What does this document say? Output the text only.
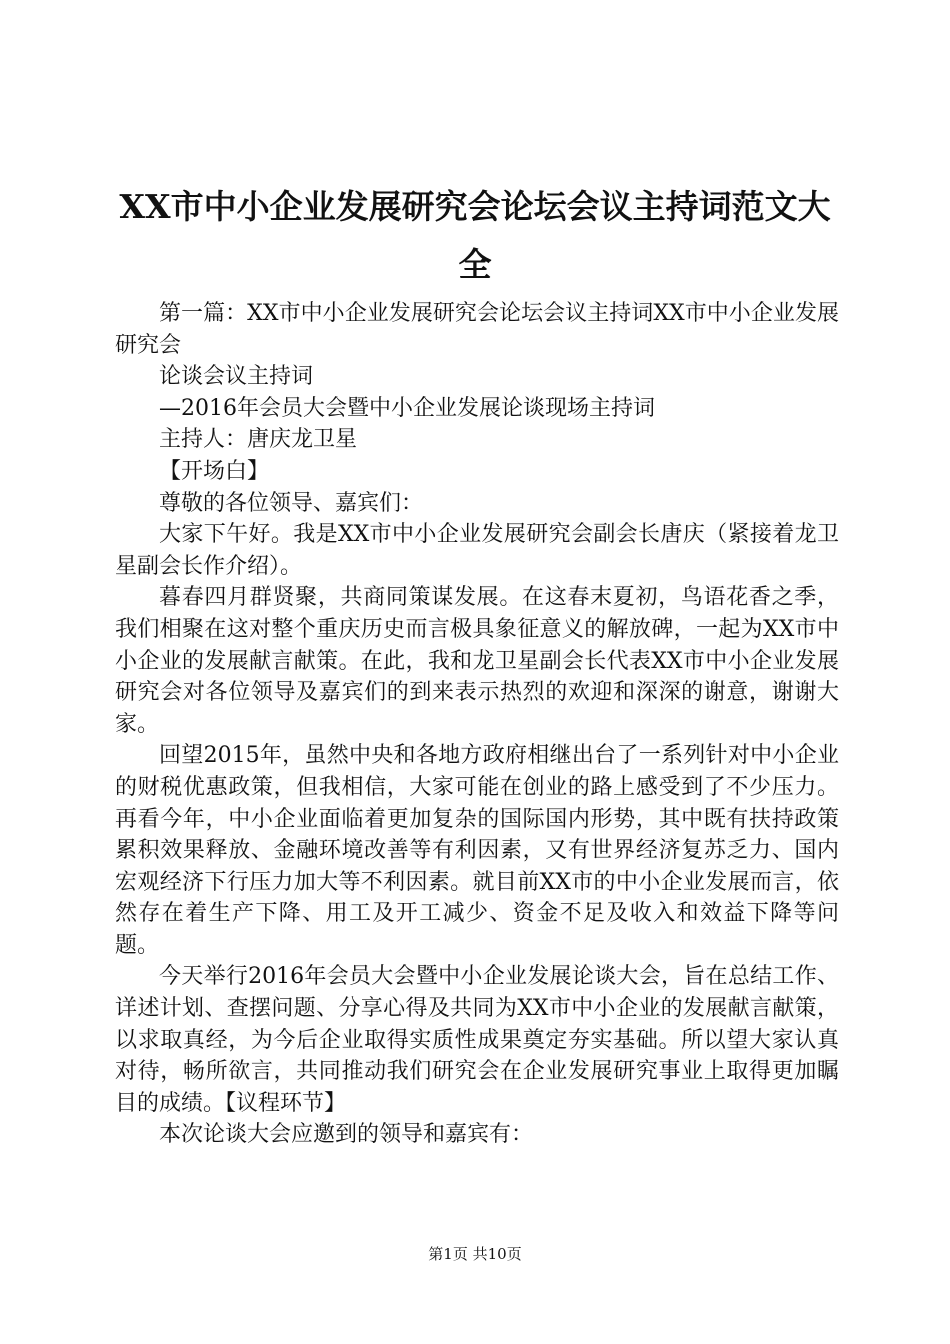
XX市中小企业发展研究会论坛会议主持词范文大全

第一篇：XX市中小企业发展研究会论坛会议主持词XX市中小企业发展研究会

论谈会议主持词

—2016年会员大会暨中小企业发展论谈现场主持词

主持人：唐庆龙卫星

【开场白】

尊敬的各位领导、嘉宾们：

大家下午好。我是XX市中小企业发展研究会副会长唐庆（紧接着龙卫星副会长作介绍）。

暮春四月群贤聚，共商同策谋发展。在这春末夏初，鸟语花香之季，我们相聚在这对整个重庆历史而言极具象征意义的解放碑，一起为XX市中小企业的发展献言献策。在此，我和龙卫星副会长代表XX市中小企业发展研究会对各位领导及嘉宾们的到来表示热烈的欢迎和深深的谢意，谢谢大家。

回望2015年，虽然中央和各地方政府相继出台了一系列针对中小企业的财税优惠政策，但我相信，大家可能在创业的路上感受到了不少压力。再看今年，中小企业面临着更加复杂的国际国内形势，其中既有扶持政策累积效果释放、金融环境改善等有利因素，又有世界经济复苏乏力、国内宏观经济下行压力加大等不利因素。就目前XX市的中小企业发展而言，依然存在着生产下降、用工及开工减少、资金不足及收入和效益下降等问题。

今天举行2016年会员大会暨中小企业发展论谈大会，旨在总结工作、详述计划、查摆问题、分享心得及共同为XX市中小企业的发展献言献策，以求取真经，为今后企业取得实质性成果奠定夯实基础。所以望大家认真对待，畅所欲言，共同推动我们研究会在企业发展研究事业上取得更加瞩目的成绩。【议程环节】

本次论谈大会应邀到的领导和嘉宾有：

第1页 共10页
